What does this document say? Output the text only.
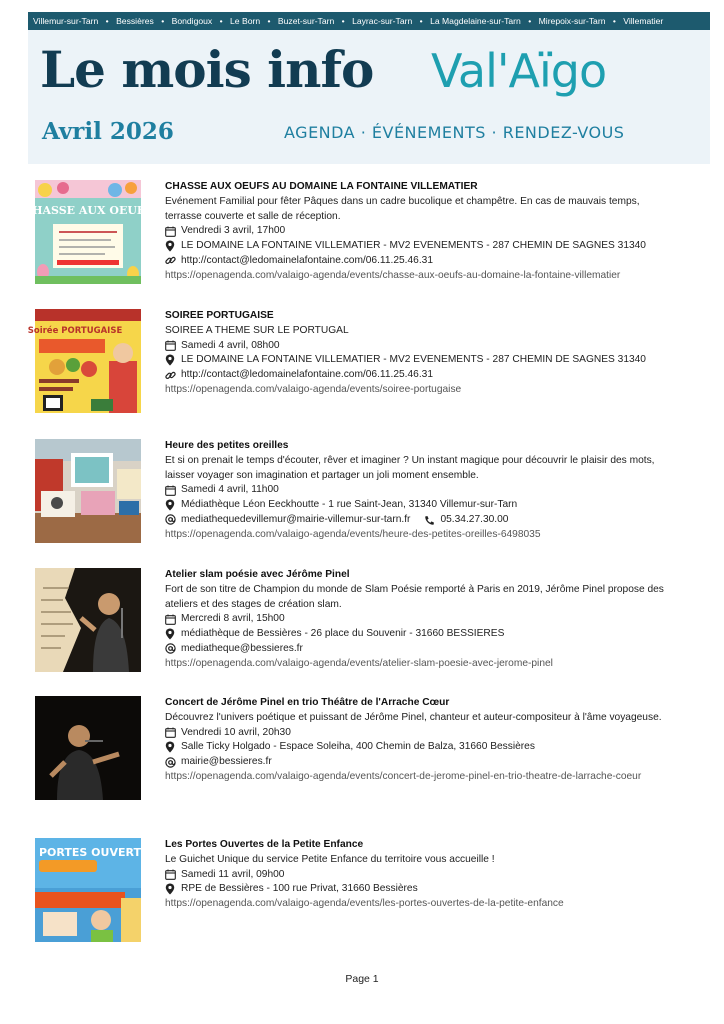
Villemur-sur-Tarn • Bessières • Bondigoux • Le Born • Buzet-sur-Tarn • Layrac-sur-Tarn • La Magdelaine-sur-Tarn • Mirepoix-sur-Tarn • Villematier
Le mois info Val'Aïgo
Avril 2026	AGENDA · ÉVÉNEMENTS · RENDEZ-VOUS
CHASSE AUX OEUFS
CHASSE AUX OEUFS AU DOMAINE LA FONTAINE VILLEMATIER
Evénement Familial pour fêter Pâques dans un cadre bucolique et champêtre. En cas de mauvais temps, terrasse couverte et salle de réception.
Vendredi 3 avril, 17h00
LE DOMAINE LA FONTAINE VILLEMATIER - MV2 EVENEMENTS - 287 CHEMIN DE SAGNES 31340
http://contact@ledomainelafontaine.com/06.11.25.46.31
https://openagenda.com/valaigo-agenda/events/chasse-aux-oeufs-au-domaine-la-fontaine-villematier
Soirée PORTUGAISE
SOIREE PORTUGAISE
SOIREE A THEME SUR LE PORTUGAL
Samedi 4 avril, 08h00
LE DOMAINE LA FONTAINE VILLEMATIER - MV2 EVENEMENTS - 287 CHEMIN DE SAGNES 31340
http://contact@ledomainelafontaine.com/06.11.25.46.31
https://openagenda.com/valaigo-agenda/events/soiree-portugaise
Heure des petites oreilles
Et si on prenait le temps d'écouter, rêver et imaginer ? Un instant magique pour découvrir le plaisir des mots, laisser voyager son imagination et partager un joli moment ensemble.
Samedi 4 avril, 11h00
Médiathèque Léon Eeckhoutte - 1 rue Saint-Jean, 31340 Villemur-sur-Tarn
mediathequedevillemur@mairie-villemur-sur-tarn.fr	05.34.27.30.00
https://openagenda.com/valaigo-agenda/events/heure-des-petites-oreilles-6498035
Atelier slam poésie avec Jérôme Pinel
Fort de son titre de Champion du monde de Slam Poésie remporté à Paris en 2019, Jérôme Pinel propose des ateliers et des stages de création slam.
Mercredi 8 avril, 15h00
médiathèque de Bessières - 26 place du Souvenir - 31660 BESSIERES
mediatheque@bessieres.fr
https://openagenda.com/valaigo-agenda/events/atelier-slam-poesie-avec-jerome-pinel
Concert de Jérôme Pinel en trio Théâtre de l'Arrache Cœur
Découvrez l'univers poétique et puissant de Jérôme Pinel, chanteur et auteur-compositeur à l'âme voyageuse.
Vendredi 10 avril, 20h30
Salle Ticky Holgado - Espace Soleiha, 400 Chemin de Balza, 31660 Bessières
mairie@bessieres.fr
https://openagenda.com/valaigo-agenda/events/concert-de-jerome-pinel-en-trio-theatre-de-larrache-coeur
PORTES OUVERTES
Les Portes Ouvertes de la Petite Enfance
Le Guichet Unique du service Petite Enfance du territoire vous accueille !
Samedi 11 avril, 09h00
RPE de Bessières - 100 rue Privat, 31660 Bessières
https://openagenda.com/valaigo-agenda/events/les-portes-ouvertes-de-la-petite-enfance
Page 1
